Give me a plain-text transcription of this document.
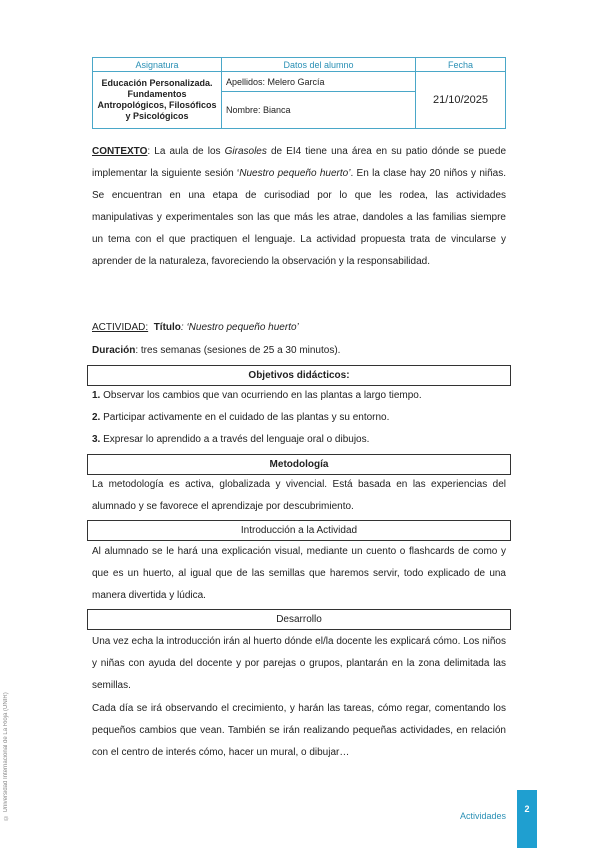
Asignatura	Datos del alumno	Fecha
Educación Personalizada. Fundamentos Antropológicos, Filosóficos y Psicológicos	Apellidos: Melero García	21/10/2025
	Nombre: Bianca	

CONTEXTO: La aula de los Girasoles de EI4 tiene una área en su patio dónde se puede implementar la siguiente sesión ‘Nuestro pequeño huerto’. En la clase hay 20 niños y niñas. Se encuentran en una etapa de curisodiad por lo que les rodea, las actividades manipulativas y experimentales son las que más les atrae, dandoles a las familias siempre un tema con el que practiquen el lenguaje. La actividad propuesta trata de vincularse y aprender de la naturaleza, favoreciendo la observación y la responsabilidad.

ACTIVIDAD: Título: ‘Nuestro pequeño huerto’

Duración: tres semanas (sesiones de 25 a 30 minutos).

Objetivos didácticos:

1. Observar los cambios que van ocurriendo en las plantas a largo tiempo.

2. Participar activamente en el cuidado de las plantas y su entorno.

3. Expresar lo aprendido a a través del lenguaje oral o dibujos.

Metodología

La metodología es activa, globalizada y vivencial. Está basada en las experiencias del alumnado y se favorece el aprendizaje por descubrimiento.

Introducción a la Actividad

Al alumnado se le hará una explicación visual, mediante un cuento o flashcards de como y que es un huerto, al igual que de las semillas que haremos servir, todo explicado de una manera divertida y lúdica.

Desarrollo

Una vez echa la introducción irán al huerto dónde el/la docente les explicará cómo. Los niños y niñas con ayuda del docente y por parejas o grupos, plantarán en la zona delimitada las semillas.

Cada día se irá observando el crecimiento, y harán las tareas, cómo regar, comentando los pequeños cambios que vean. También se irán realizando pequeñas actividades, en relación con el centro de interés cómo, hacer un mural, o dibujar…

Actividades
2
© Universidad Internacional de La Rioja (UNIR)
